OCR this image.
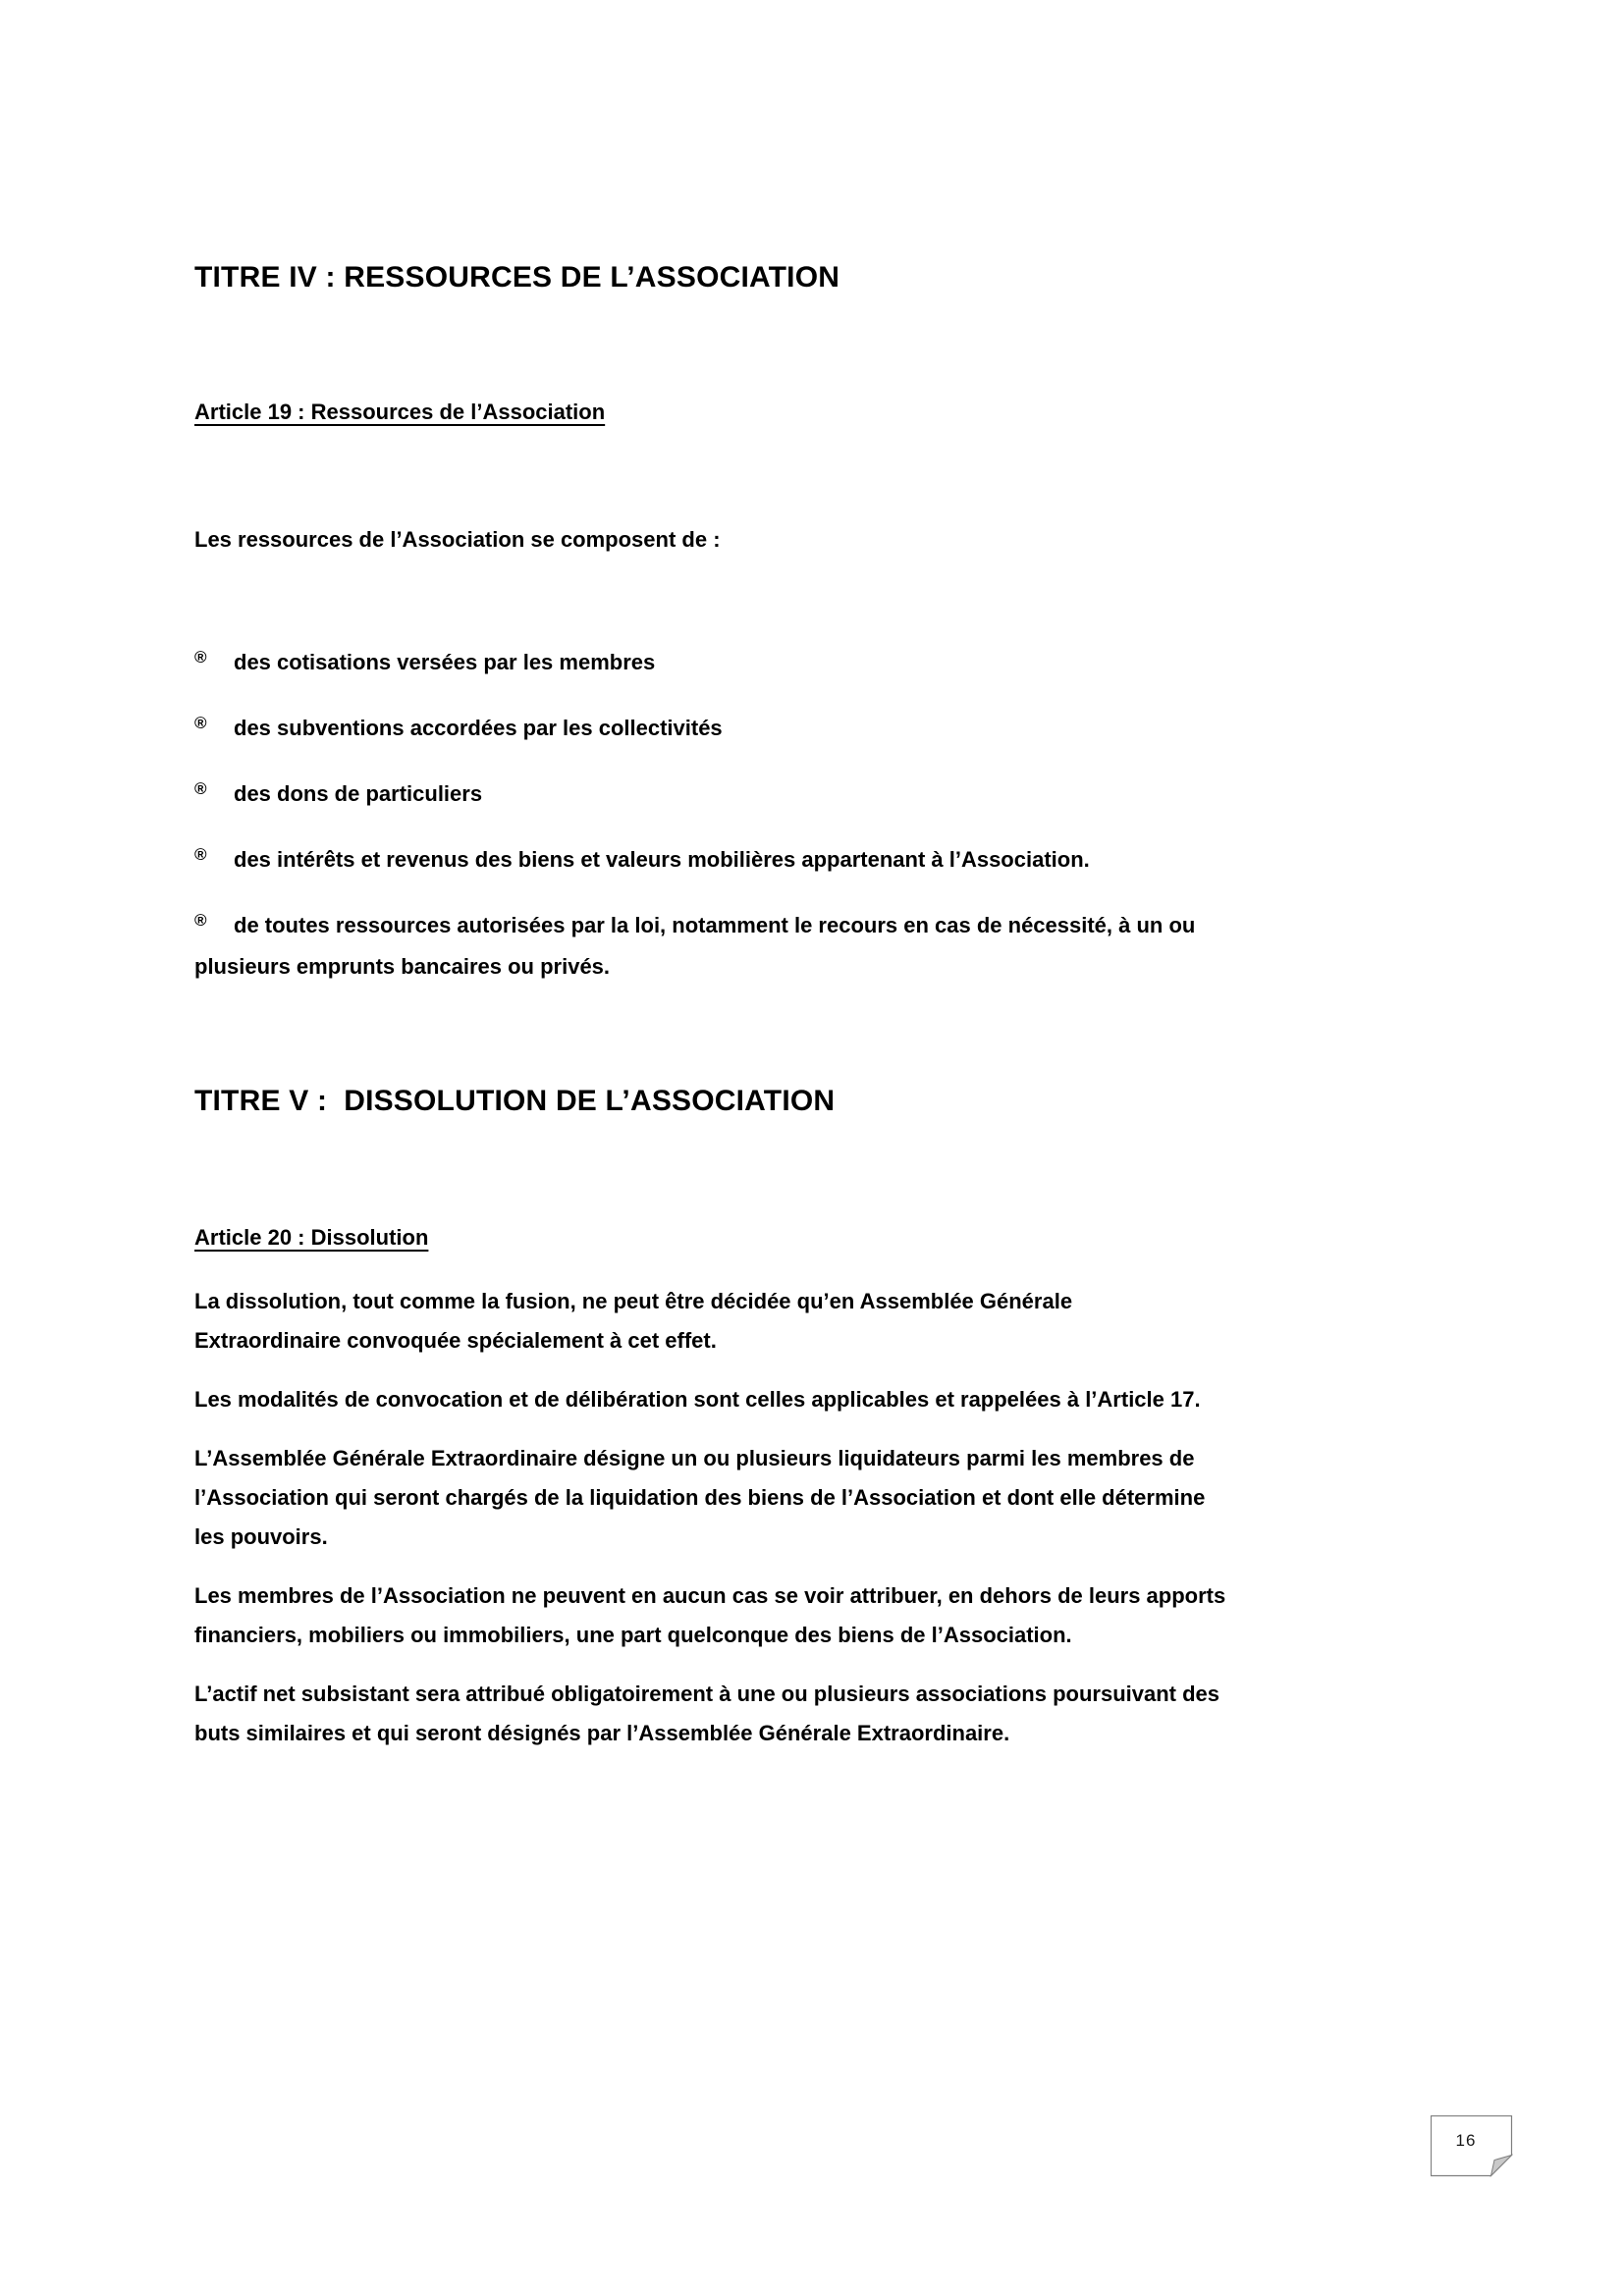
TITRE IV : RESSOURCES DE L’ASSOCIATION
Article 19 : Ressources de l’Association

Les ressources de l’Association se composent de :

® des cotisations versées par les membres
® des subventions accordées par les collectivités
® des dons de particuliers
® des intérêts et revenus des biens et valeurs mobilières appartenant à l’Association.
® de toutes ressources autorisées par la loi, notamment le recours en cas de nécessité, à un ou
plusieurs emprunts bancaires ou privés.
TITRE V :  DISSOLUTION DE L’ASSOCIATION
Article 20 : Dissolution

La dissolution, tout comme la fusion, ne peut être décidée qu’en Assemblée Générale
Extraordinaire convoquée spécialement à cet effet.

Les modalités de convocation et de délibération sont celles applicables et rappelées à l’Article 17.

L’Assemblée Générale Extraordinaire désigne un ou plusieurs liquidateurs parmi les membres de
l’Association qui seront chargés de la liquidation des biens de l’Association et dont elle détermine
les pouvoirs.

Les membres de l’Association ne peuvent en aucun cas se voir attribuer, en dehors de leurs apports
financiers, mobiliers ou immobiliers, une part quelconque des biens de l’Association.

L’actif net subsistant sera attribué obligatoirement à une ou plusieurs associations poursuivant des
buts similaires et qui seront désignés par l’Assemblée Générale Extraordinaire.

16
